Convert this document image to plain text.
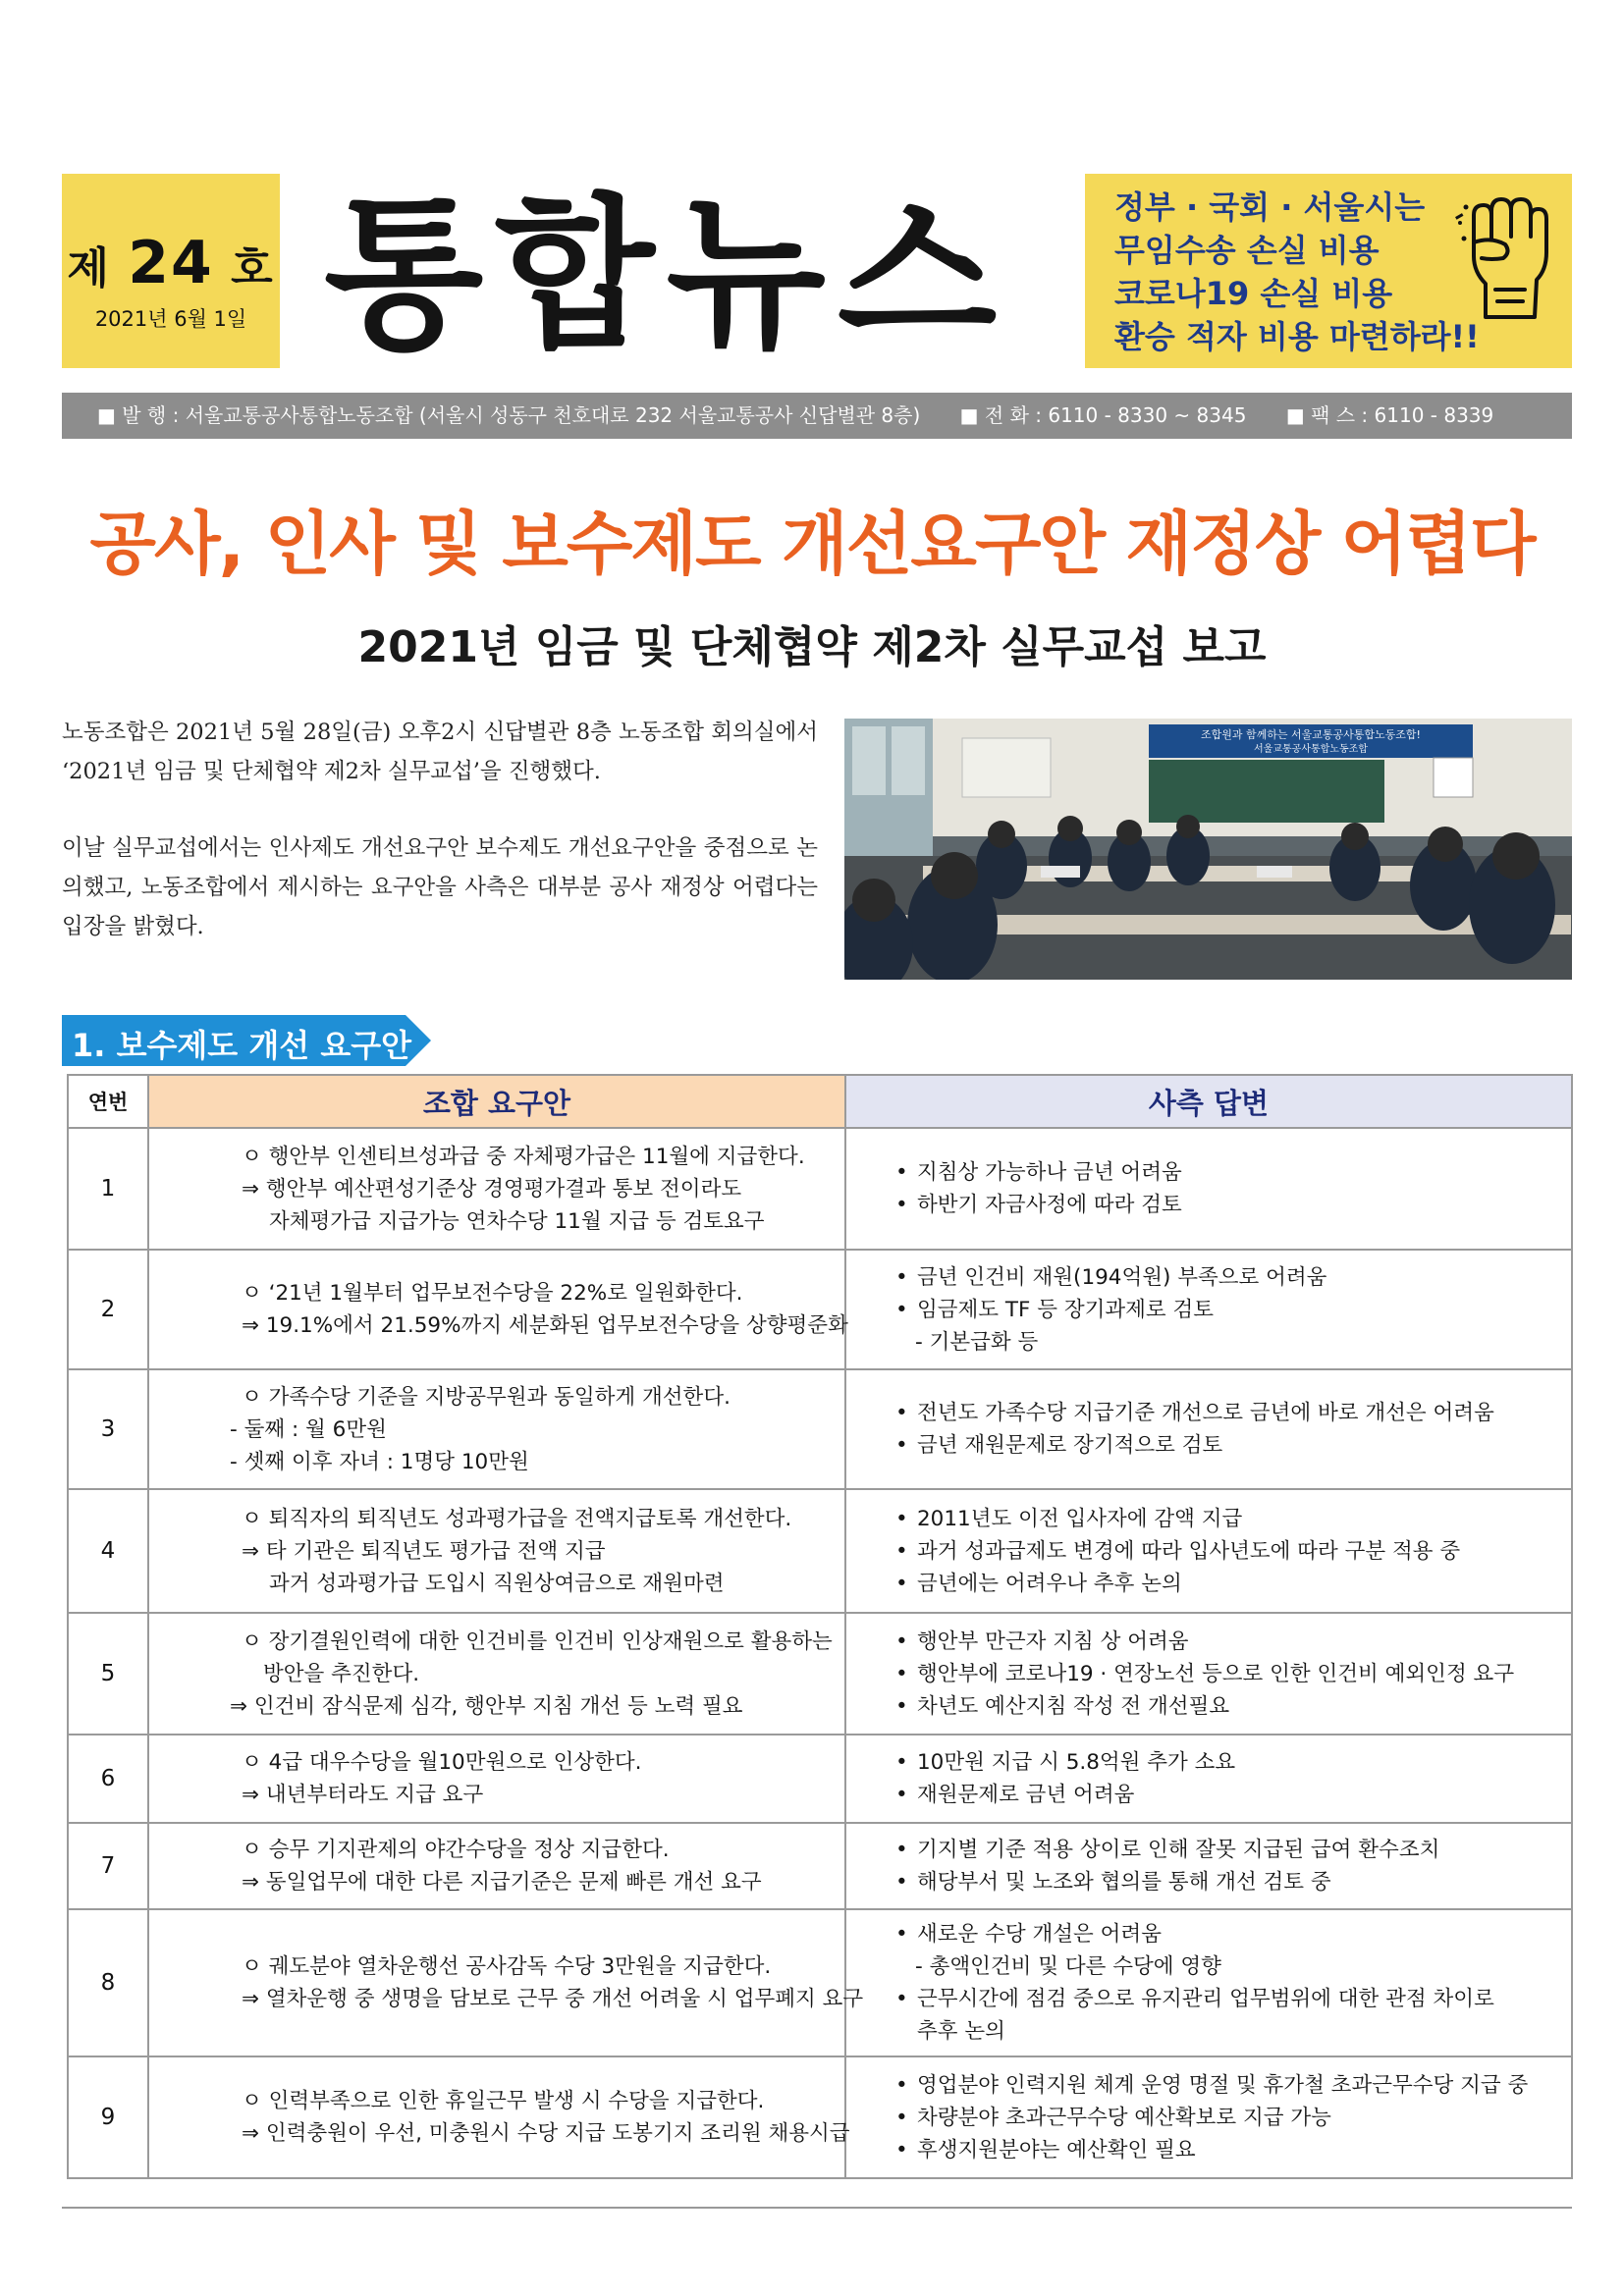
제 24 호
2021년 6월 1일 통합뉴스	정부 · 국회 · 서울시는
무임수송 손실 비용
코로나19 손실 비용
환승 적자 비용 마련하라!!
■ 발 행 : 서울교통공사통합노동조합 (서울시 성동구 천호대로 232 서울교통공사 신답별관 8층) ■ 전 화 : 6110 - 8330 ~ 8345 ■ 팩 스 : 6110 - 8339
공사, 인사 및 보수제도 개선요구안 재정상 어렵다
2021년 임금 및 단체협약 제2차 실무교섭 보고

노동조합은 2021년 5월 28일(금) 오후2시 신답별관 8층 노동조합 회의실에서 ‘2021년 임금 및 단체협약 제2차 실무교섭’을 진행했다.

이날 실무교섭에서는 인사제도 개선요구안 보수제도 개선요구안을 중점으로 논의했고, 노동조합에서 제시하는 요구안을 사측은 대부분 공사 재정상 어렵다는 입장을 밝혔다.

조합원과 함께하는 서울교통공사통합노동조합!
서울교통공사통합노동조합
1. 보수제도 개선 요구안
연번	조합 요구안	사측 답변
1	ㅇ 행안부 인센티브성과급 중 자체평가급은 11월에 지급한다.
⇒ 행안부 예산편성기준상 경영평가결과 통보 전이라도
자체평가급 지급가능 연차수당 11월 지급 등 검토요구	• 지침상 가능하나 금년 어려움
• 하반기 자금사정에 따라 검토

2	ㅇ ‘21년 1월부터 업무보전수당을 22%로 일원화한다.
⇒ 19.1%에서 21.59%까지 세분화된 업무보전수당을 상향평준화	• 금년 인건비 재원(194억원) 부족으로 어려움
• 임금제도 TF 등 장기과제로 검토
- 기본급화 등

3	ㅇ 가족수당 기준을 지방공무원과 동일하게 개선한다.
- 둘째 : 월 6만원
- 셋째 이후 자녀 : 1명당 10만원	• 전년도 가족수당 지급기준 개선으로 금년에 바로 개선은 어려움
• 금년 재원문제로 장기적으로 검토

4	ㅇ 퇴직자의 퇴직년도 성과평가급을 전액지급토록 개선한다.
⇒ 타 기관은 퇴직년도 평가급 전액 지급
과거 성과평가급 도입시 직원상여금으로 재원마련	• 2011년도 이전 입사자에 감액 지급
• 과거 성과급제도 변경에 따라 입사년도에 따라 구분 적용 중
• 금년에는 어려우나 추후 논의

5	ㅇ 장기결원인력에 대한 인건비를 인건비 인상재원으로 활용하는
방안을 추진한다.
⇒ 인건비 잠식문제 심각, 행안부 지침 개선 등 노력 필요	• 행안부 만근자 지침 상 어려움
• 행안부에 코로나19 · 연장노선 등으로 인한 인건비 예외인정 요구
• 차년도 예산지침 작성 전 개선필요

6	ㅇ 4급 대우수당을 월10만원으로 인상한다.
⇒ 내년부터라도 지급 요구	• 10만원 지급 시 5.8억원 추가 소요
• 재원문제로 금년 어려움

7	ㅇ 승무 기지관제의 야간수당을 정상 지급한다.
⇒ 동일업무에 대한 다른 지급기준은 문제 빠른 개선 요구	• 기지별 기준 적용 상이로 인해 잘못 지급된 급여 환수조치
• 해당부서 및 노조와 협의를 통해 개선 검토 중

8	ㅇ 궤도분야 열차운행선 공사감독 수당 3만원을 지급한다.
⇒ 열차운행 중 생명을 담보로 근무 중 개선 어려울 시 업무폐지 요구	• 새로운 수당 개설은 어려움
- 총액인건비 및 다른 수당에 영향
• 근무시간에 점검 중으로 유지관리 업무범위에 대한 관점 차이로
추후 논의

9	ㅇ 인력부족으로 인한 휴일근무 발생 시 수당을 지급한다.
⇒ 인력충원이 우선, 미충원시 수당 지급 도봉기지 조리원 채용시급	• 영업분야 인력지원 체계 운영 명절 및 휴가철 초과근무수당 지급 중
• 차량분야 초과근무수당 예산확보로 지급 가능
• 후생지원분야는 예산확인 필요
